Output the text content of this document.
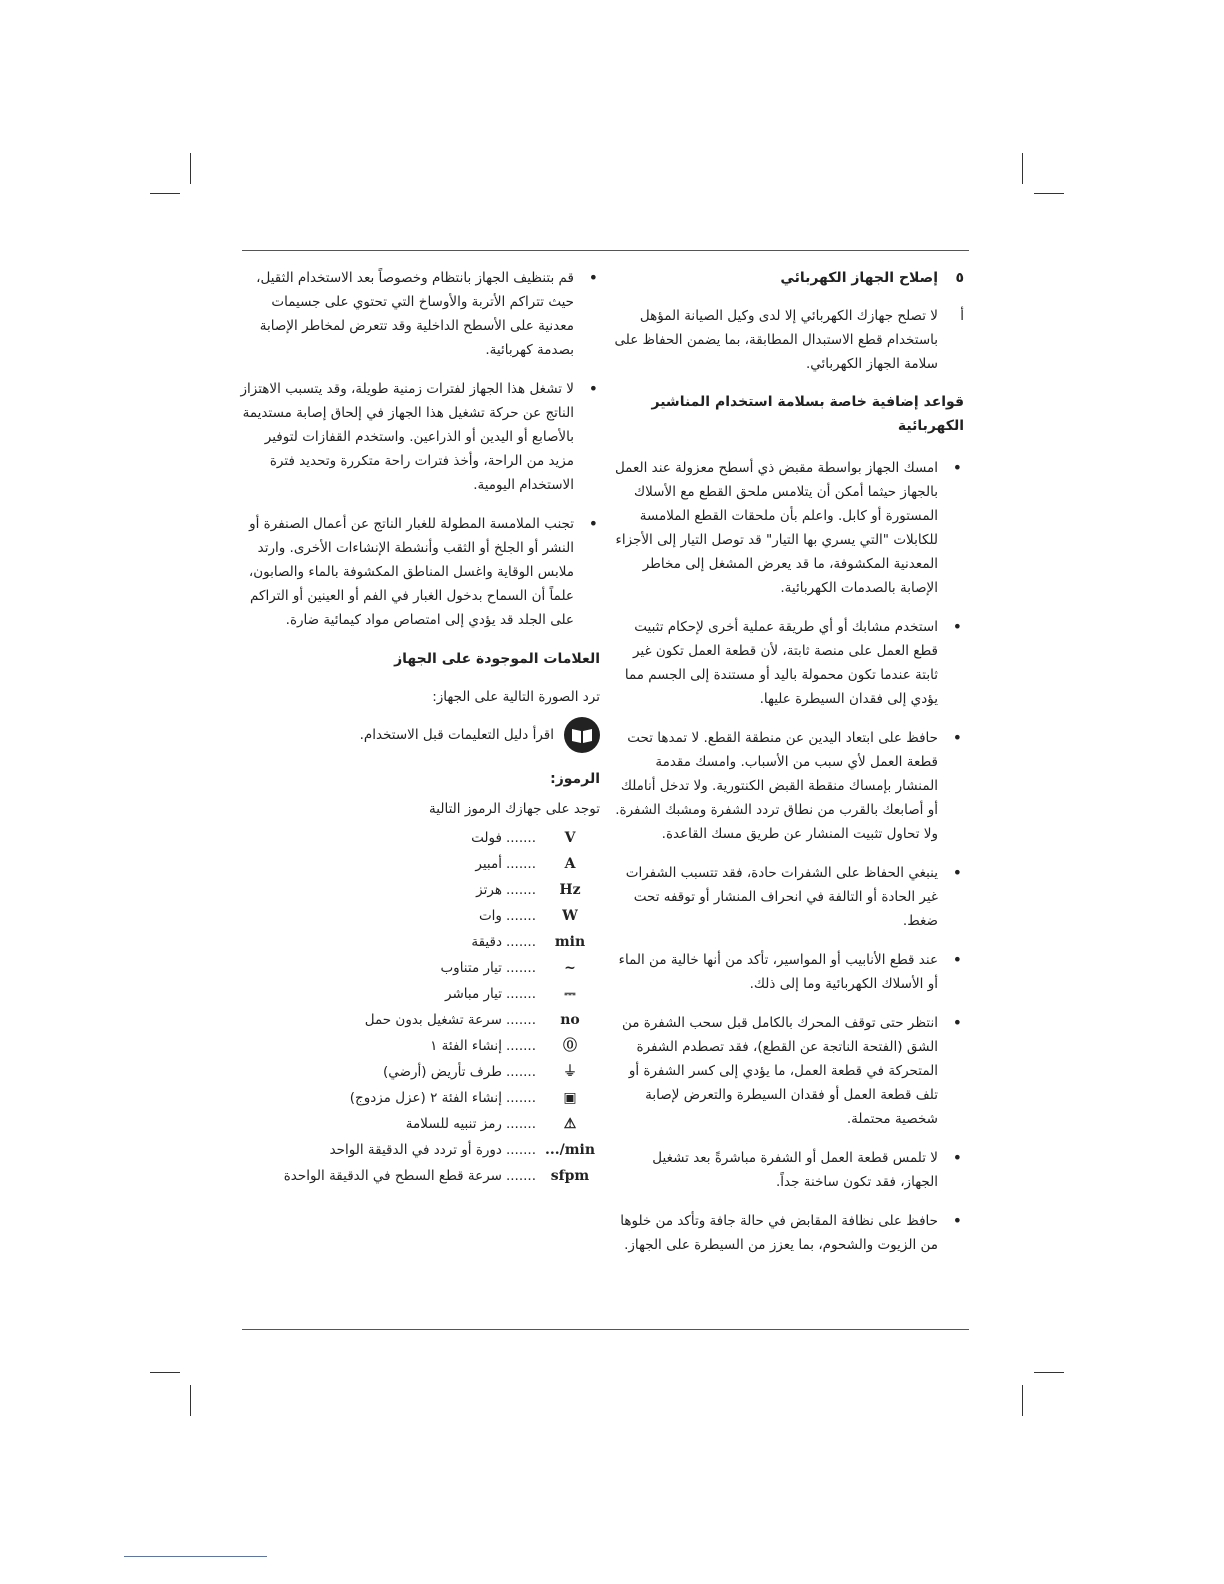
٥
إصلاح الجهاز الكهربائي
أ
لا تصلح جهازك الكهربائي إلا لدى وكيل الصيانة المؤهل باستخدام قطع الاستبدال المطابقة، بما يضمن الحفاظ على سلامة الجهاز الكهربائي.
قواعد إضافية خاصة بسلامة استخدام المناشير الكهربائية
• امسك الجهاز بواسطة مقبض ذي أسطح معزولة عند العمل بالجهاز حيثما أمكن أن يتلامس ملحق القطع مع الأسلاك المستورة أو كابل. واعلم بأن ملحقات القطع الملامسة للكابلات "التي يسري بها التيار" قد توصل التيار إلى الأجزاء المعدنية المكشوفة، ما قد يعرض المشغل إلى مخاطر الإصابة بالصدمات الكهربائية.
• استخدم مشابك أو أي طريقة عملية أخرى لإحكام تثبيت قطع العمل على منصة ثابتة، لأن قطعة العمل تكون غير ثابتة عندما تكون محمولة باليد أو مستندة إلى الجسم مما يؤدي إلى فقدان السيطرة عليها.
• حافظ على ابتعاد اليدين عن منطقة القطع. لا تمدها تحت قطعة العمل لأي سبب من الأسباب. وامسك مقدمة المنشار بإمساك منقطة القبض الكنتورية. ولا تدخل أناملك أو أصابعك بالقرب من نطاق تردد الشفرة ومشبك الشفرة. ولا تحاول تثبيت المنشار عن طريق مسك القاعدة.
• ينبغي الحفاظ على الشفرات حادة، فقد تتسبب الشفرات غير الحادة أو التالفة في انحراف المنشار أو توقفه تحت ضغط.
• عند قطع الأنابيب أو المواسير، تأكد من أنها خالية من الماء أو الأسلاك الكهربائية وما إلى ذلك.
• انتظر حتى توقف المحرك بالكامل قبل سحب الشفرة من الشق (الفتحة الناتجة عن القطع)، فقد تصطدم الشفرة المتحركة في قطعة العمل، ما يؤدي إلى كسر الشفرة أو تلف قطعة العمل أو فقدان السيطرة والتعرض لإصابة شخصية محتملة.
• لا تلمس قطعة العمل أو الشفرة مباشرةً بعد تشغيل الجهاز، فقد تكون ساخنة جداً.
• حافظ على نظافة المقابض في حالة جافة وتأكد من خلوها من الزيوت والشحوم، بما يعزز من السيطرة على الجهاز.
• قم بتنظيف الجهاز بانتظام وخصوصاً بعد الاستخدام الثقيل، حيث تتراكم الأتربة والأوساخ التي تحتوي على جسيمات معدنية على الأسطح الداخلية وقد تتعرض لمخاطر الإصابة بصدمة كهربائية.
• لا تشغل هذا الجهاز لفترات زمنية طويلة، وقد يتسبب الاهتزاز الناتج عن حركة تشغيل هذا الجهاز في إلحاق إصابة مستديمة بالأصابع أو اليدين أو الذراعين. واستخدم القفازات لتوفير مزيد من الراحة، وأخذ فترات راحة متكررة وتحديد فترة الاستخدام اليومية.
• تجنب الملامسة المطولة للغبار الناتج عن أعمال الصنفرة أو النشر أو الجلخ أو الثقب وأنشطة الإنشاءات الأخرى. وارتد ملابس الوقاية واغسل المناطق المكشوفة بالماء والصابون، علماً أن السماح بدخول الغبار في الفم أو العينين أو التراكم على الجلد قد يؤدي إلى امتصاص مواد كيمائية ضارة.
العلامات الموجودة على الجهاز
ترد الصورة التالية على الجهاز:
اقرأ دليل التعليمات قبل الاستخدام.
الرموز:
توجد على جهازك الرموز التالية
V
.......
فولت
A
.......
أمبير
Hz
.......
هرتز
W
.......
وات
min
.......
دقيقة
~
.......
تيار متناوب
⎓
.......
تيار مباشر
no
.......
سرعة تشغيل بدون حمل
⓪
.......
إنشاء الفئة ١
⏚
.......
طرف تأريض (أرضي)
▣
.......
إنشاء الفئة ٢ (عزل مزدوج)
⚠
.......
رمز تنبيه للسلامة
.../min
.......
دورة أو تردد في الدقيقة الواحد
sfpm
.......
سرعة قطع السطح في الدقيقة الواحدة
